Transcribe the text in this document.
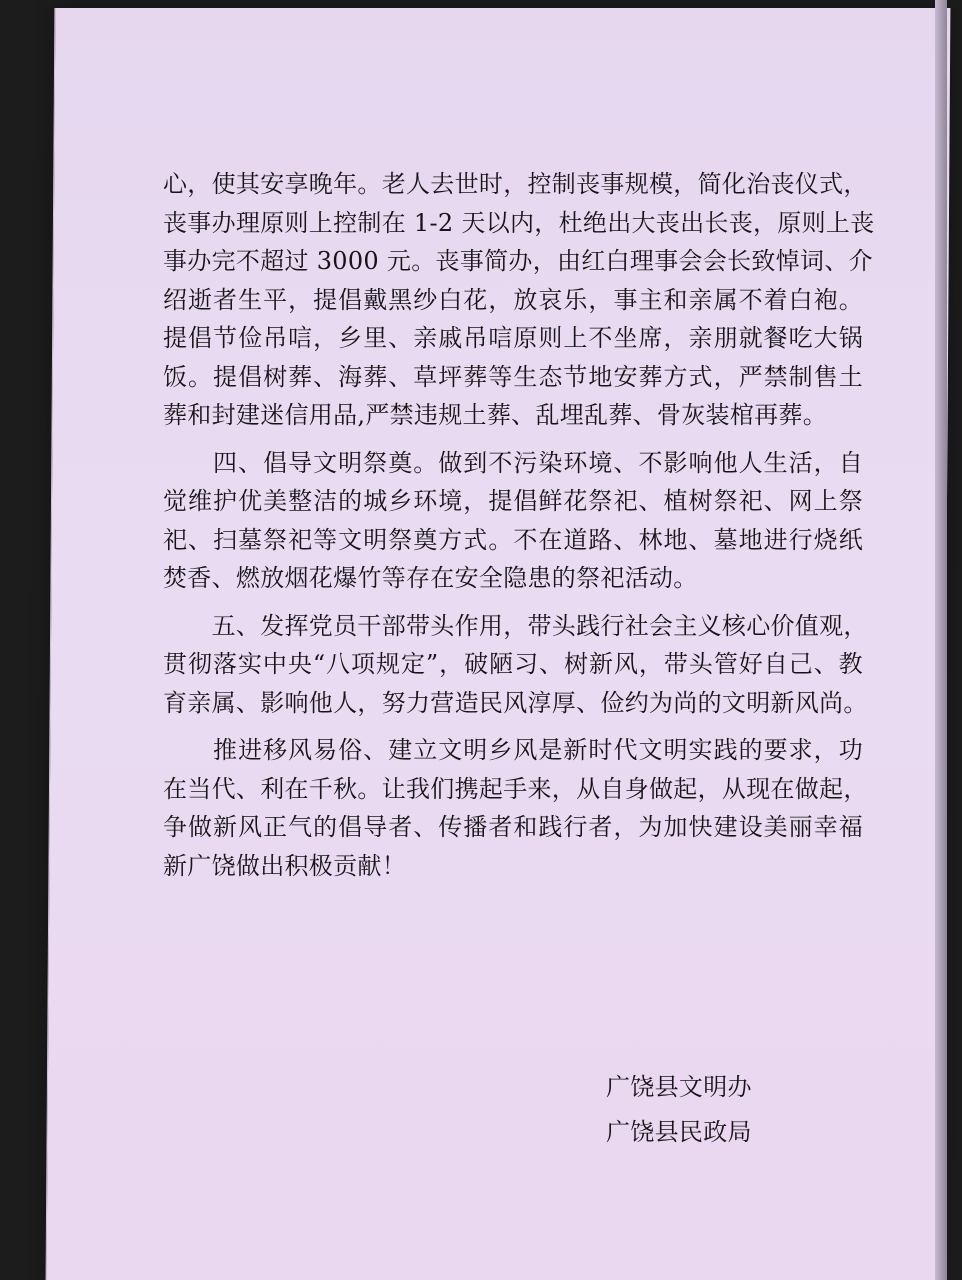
心，使其安享晚年。老人去世时，控制丧事规模，简化治丧仪式，
丧事办理原则上控制在 1-2 天以内，杜绝出大丧出长丧，原则上丧
事办完不超过 3000 元。丧事简办，由红白理事会会长致悼词、介
绍逝者生平，提倡戴黑纱白花，放哀乐，事主和亲属不着白袍。
提倡节俭吊唁，乡里、亲戚吊唁原则上不坐席，亲朋就餐吃大锅
饭。提倡树葬、海葬、草坪葬等生态节地安葬方式，严禁制售土
葬和封建迷信用品,严禁违规土葬、乱埋乱葬、骨灰装棺再葬。
　　四、倡导文明祭奠。做到不污染环境、不影响他人生活，自
觉维护优美整洁的城乡环境，提倡鲜花祭祀、植树祭祀、网上祭
祀、扫墓祭祀等文明祭奠方式。不在道路、林地、墓地进行烧纸
焚香、燃放烟花爆竹等存在安全隐患的祭祀活动。
　　五、发挥党员干部带头作用，带头践行社会主义核心价值观，
贯彻落实中央“八项规定”，破陋习、树新风，带头管好自己、教
育亲属、影响他人，努力营造民风淳厚、俭约为尚的文明新风尚。
　　推进移风易俗、建立文明乡风是新时代文明实践的要求，功
在当代、利在千秋。让我们携起手来，从自身做起，从现在做起，
争做新风正气的倡导者、传播者和践行者，为加快建设美丽幸福
新广饶做出积极贡献！
广饶县文明办
广饶县民政局
